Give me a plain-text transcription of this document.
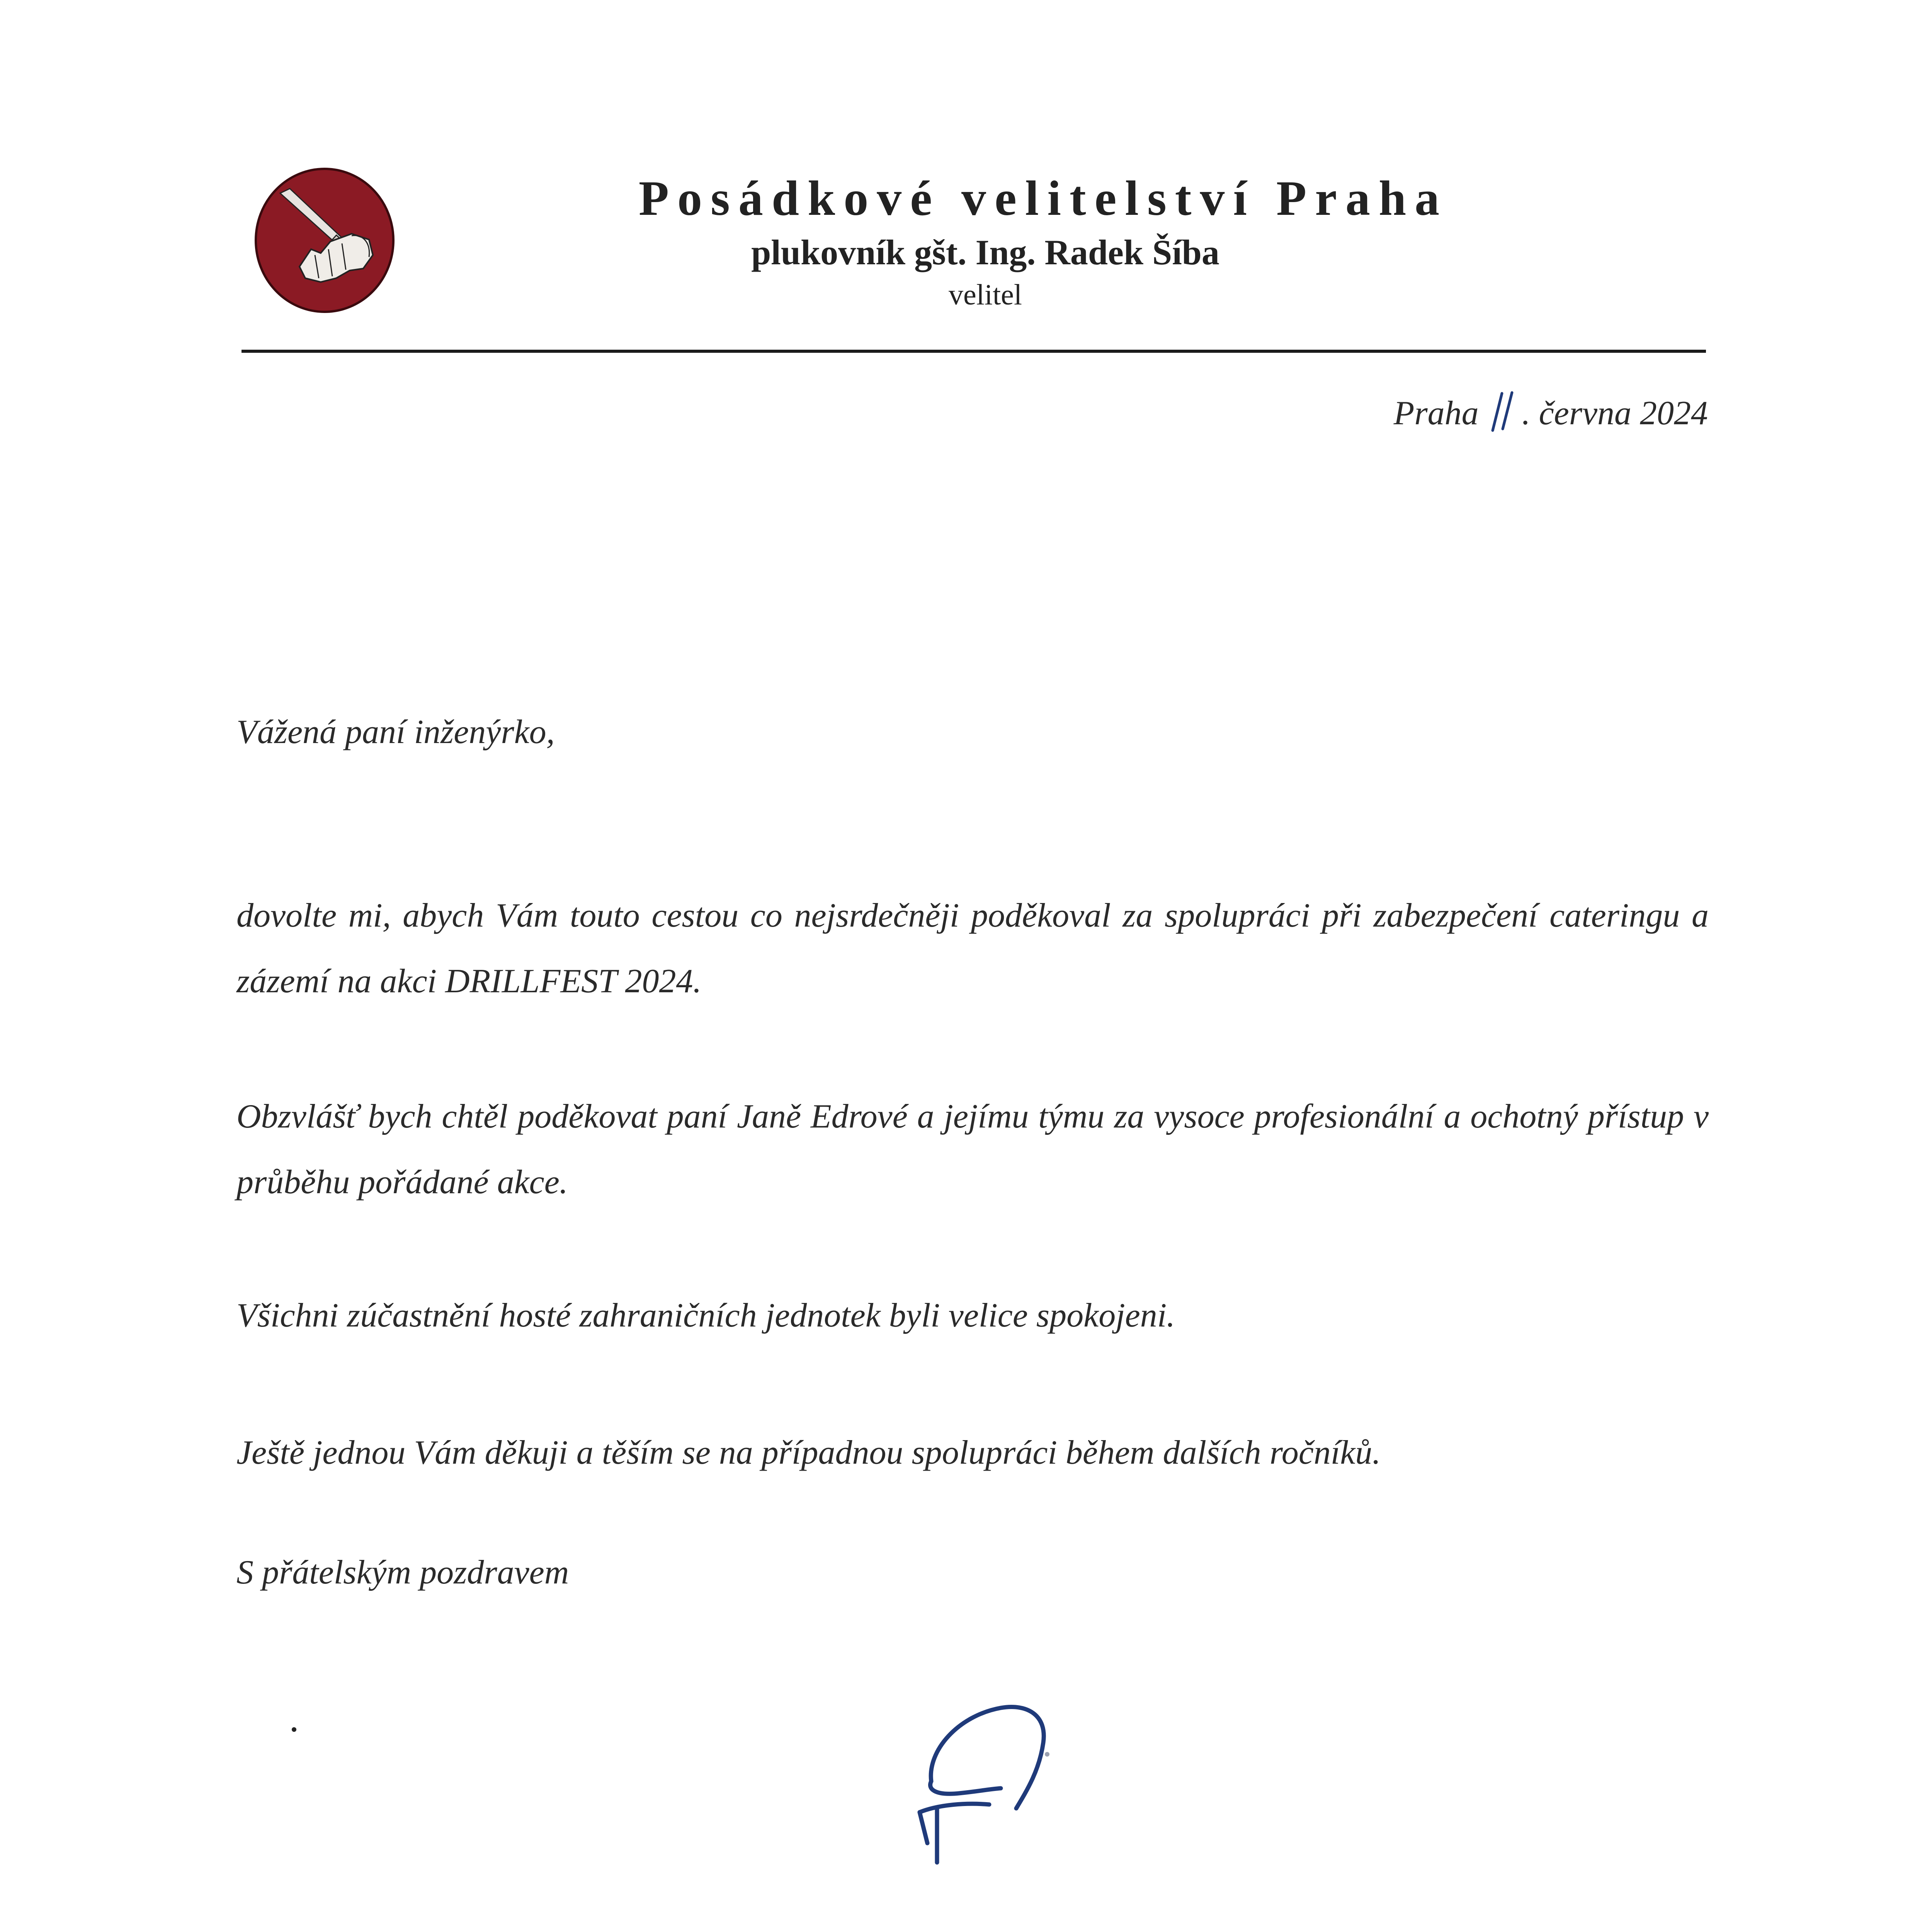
Posádkové velitelství Praha
plukovník gšt. Ing. Radek Šíba
velitel
Praha . června 2024

Vážená paní inženýrko,

dovolte mi, abych Vám touto cestou co nejsrdečněji poděkoval za spolupráci při zabezpečení cateringu a zázemí na akci DRILLFEST 2024.

Obzvlášť bych chtěl poděkovat paní Janě Edrové a jejímu týmu za vysoce profesionální a ochotný přístup v průběhu pořádané akce.

Všichni zúčastnění hosté zahraničních jednotek byli velice spokojeni.

Ještě jednou Vám děkuji a těším se na případnou spolupráci během dalších ročníků.

S přátelským pozdravem
